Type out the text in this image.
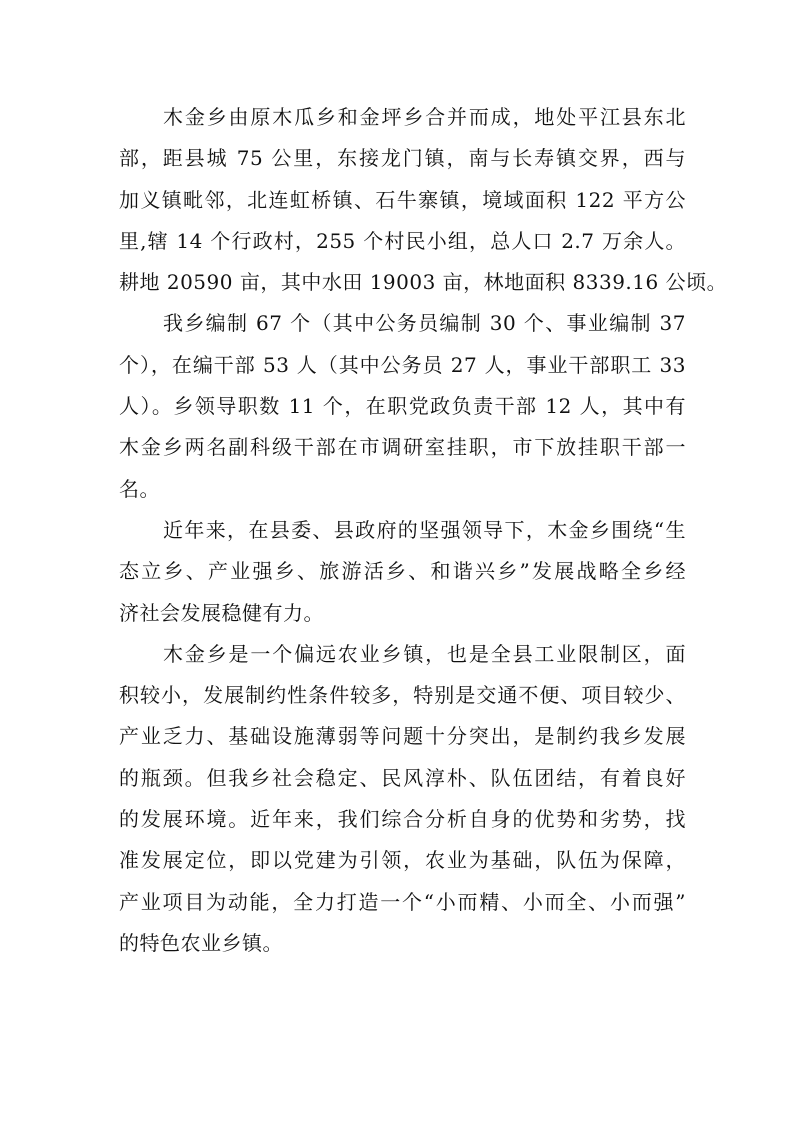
木金乡由原木瓜乡和金坪乡合并而成，地处平江县东北
部，距县城 75 公里，东接龙门镇，南与长寿镇交界，西与
加义镇毗邻，北连虹桥镇、石牛寨镇，境域面积 122 平方公
里,辖 14 个行政村，255 个村民小组，总人口 2.7 万余人。
耕地 20590 亩，其中水田 19003 亩，林地面积 8339.16 公顷。
我乡编制 67 个（其中公务员编制 30 个、事业编制 37
个），在编干部 53 人（其中公务员 27 人，事业干部职工 33
人）。乡领导职数 11 个，在职党政负责干部 12 人，其中有
木金乡两名副科级干部在市调研室挂职，市下放挂职干部一
名。
近年来，在县委、县政府的坚强领导下，木金乡围绕“生
态立乡、产业强乡、旅游活乡、和谐兴乡”发展战略全乡经
济社会发展稳健有力。
木金乡是一个偏远农业乡镇，也是全县工业限制区，面
积较小，发展制约性条件较多，特别是交通不便、项目较少、
产业乏力、基础设施薄弱等问题十分突出，是制约我乡发展
的瓶颈。但我乡社会稳定、民风淳朴、队伍团结，有着良好
的发展环境。近年来，我们综合分析自身的优势和劣势，找
准发展定位，即以党建为引领，农业为基础，队伍为保障，
产业项目为动能，全力打造一个“小而精、小而全、小而强”
的特色农业乡镇。
